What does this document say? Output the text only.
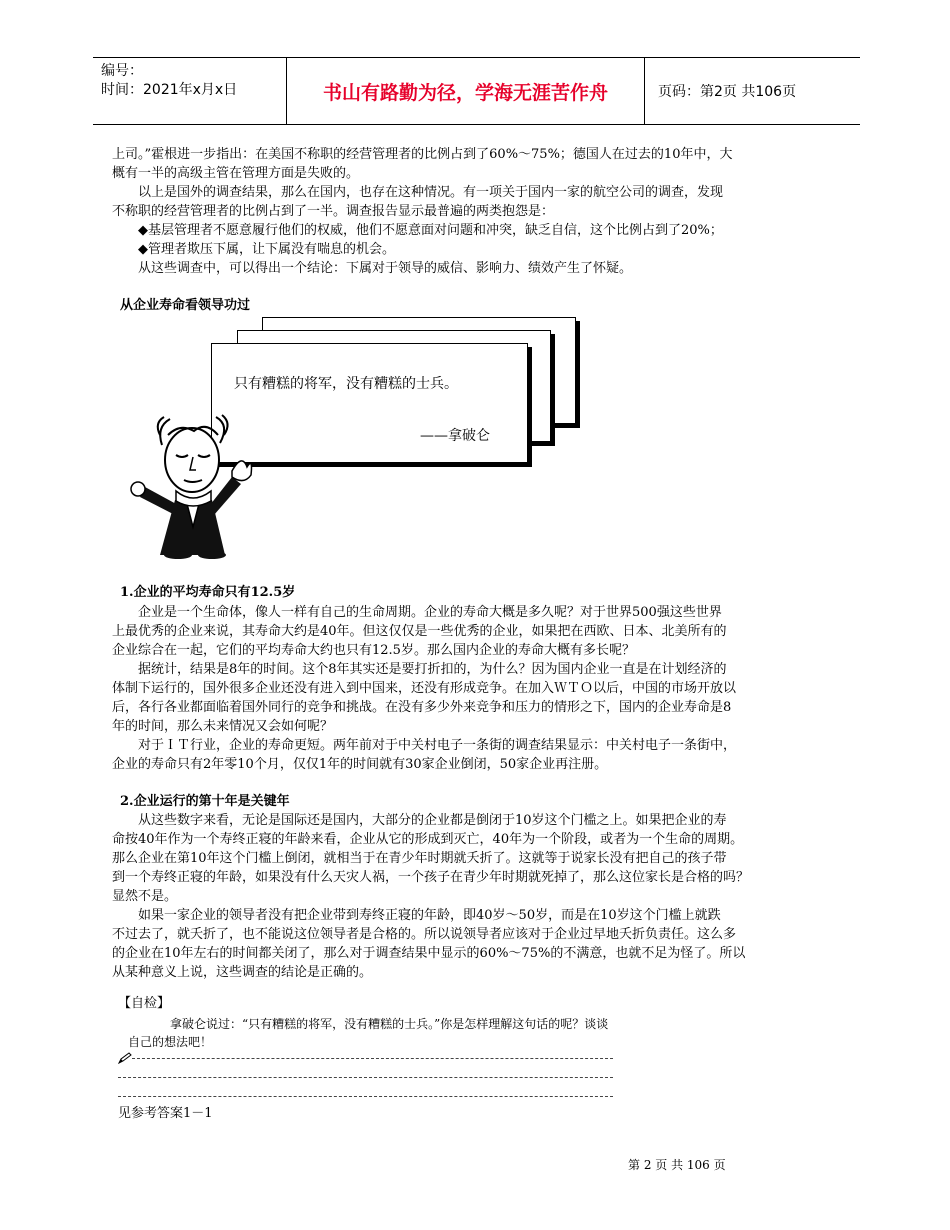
编号：
时间：2021年x月x日	书山有路勤为径，学海无涯苦作舟	页码：第2页 共106页
上司。”霍根进一步指出：在美国不称职的经营管理者的比例占到了60%～75%；德国人在过去的10年中，大
概有一半的高级主管在管理方面是失败的。
　　以上是国外的调查结果，那么在国内，也存在这种情况。有一项关于国内一家的航空公司的调查，发现
不称职的经营管理者的比例占到了一半。调查报告显示最普遍的两类抱怨是：
　　◆基层管理者不愿意履行他们的权威，他们不愿意面对问题和冲突，缺乏自信，这个比例占到了20%；
　　◆管理者欺压下属，让下属没有喘息的机会。
　　从这些调查中，可以得出一个结论：下属对于领导的威信、影响力、绩效产生了怀疑。
从企业寿命看领导功过
只有糟糕的将军，没有糟糕的士兵。
——拿破仑
1.企业的平均寿命只有12.5岁
　　企业是一个生命体，像人一样有自己的生命周期。企业的寿命大概是多久呢？对于世界500强这些世界
上最优秀的企业来说，其寿命大约是40年。但这仅仅是一些优秀的企业，如果把在西欧、日本、北美所有的
企业综合在一起，它们的平均寿命大约也只有12.5岁。那么国内企业的寿命大概有多长呢？
　　据统计，结果是8年的时间。这个8年其实还是要打折扣的，为什么？因为国内企业一直是在计划经济的
体制下运行的，国外很多企业还没有进入到中国来，还没有形成竞争。在加入ＷＴＯ以后，中国的市场开放以
后，各行各业都面临着国外同行的竞争和挑战。在没有多少外来竞争和压力的情形之下，国内的企业寿命是8
年的时间，那么未来情况又会如何呢？
　　对于ＩＴ行业，企业的寿命更短。两年前对于中关村电子一条街的调查结果显示：中关村电子一条街中，
企业的寿命只有2年零10个月，仅仅1年的时间就有30家企业倒闭，50家企业再注册。
2.企业运行的第十年是关键年
　　从这些数字来看，无论是国际还是国内，大部分的企业都是倒闭于10岁这个门槛之上。如果把企业的寿
命按40年作为一个寿终正寝的年龄来看，企业从它的形成到灭亡，40年为一个阶段，或者为一个生命的周期。
那么企业在第10年这个门槛上倒闭，就相当于在青少年时期就夭折了。这就等于说家长没有把自己的孩子带
到一个寿终正寝的年龄，如果没有什么天灾人祸，一个孩子在青少年时期就死掉了，那么这位家长是合格的吗？
显然不是。
　　如果一家企业的领导者没有把企业带到寿终正寝的年龄，即40岁～50岁，而是在10岁这个门槛上就跌
不过去了，就夭折了，也不能说这位领导者是合格的。所以说领导者应该对于企业过早地夭折负责任。这么多
的企业在10年左右的时间都关闭了，那么对于调查结果中显示的60%～75%的不满意，也就不足为怪了。所以
从某种意义上说，这些调查的结论是正确的。
【自检】
拿破仑说过：“只有糟糕的将军，没有糟糕的士兵。”你是怎样理解这句话的呢？谈谈
自己的想法吧！
见参考答案1－1
第 2 页 共 106 页
